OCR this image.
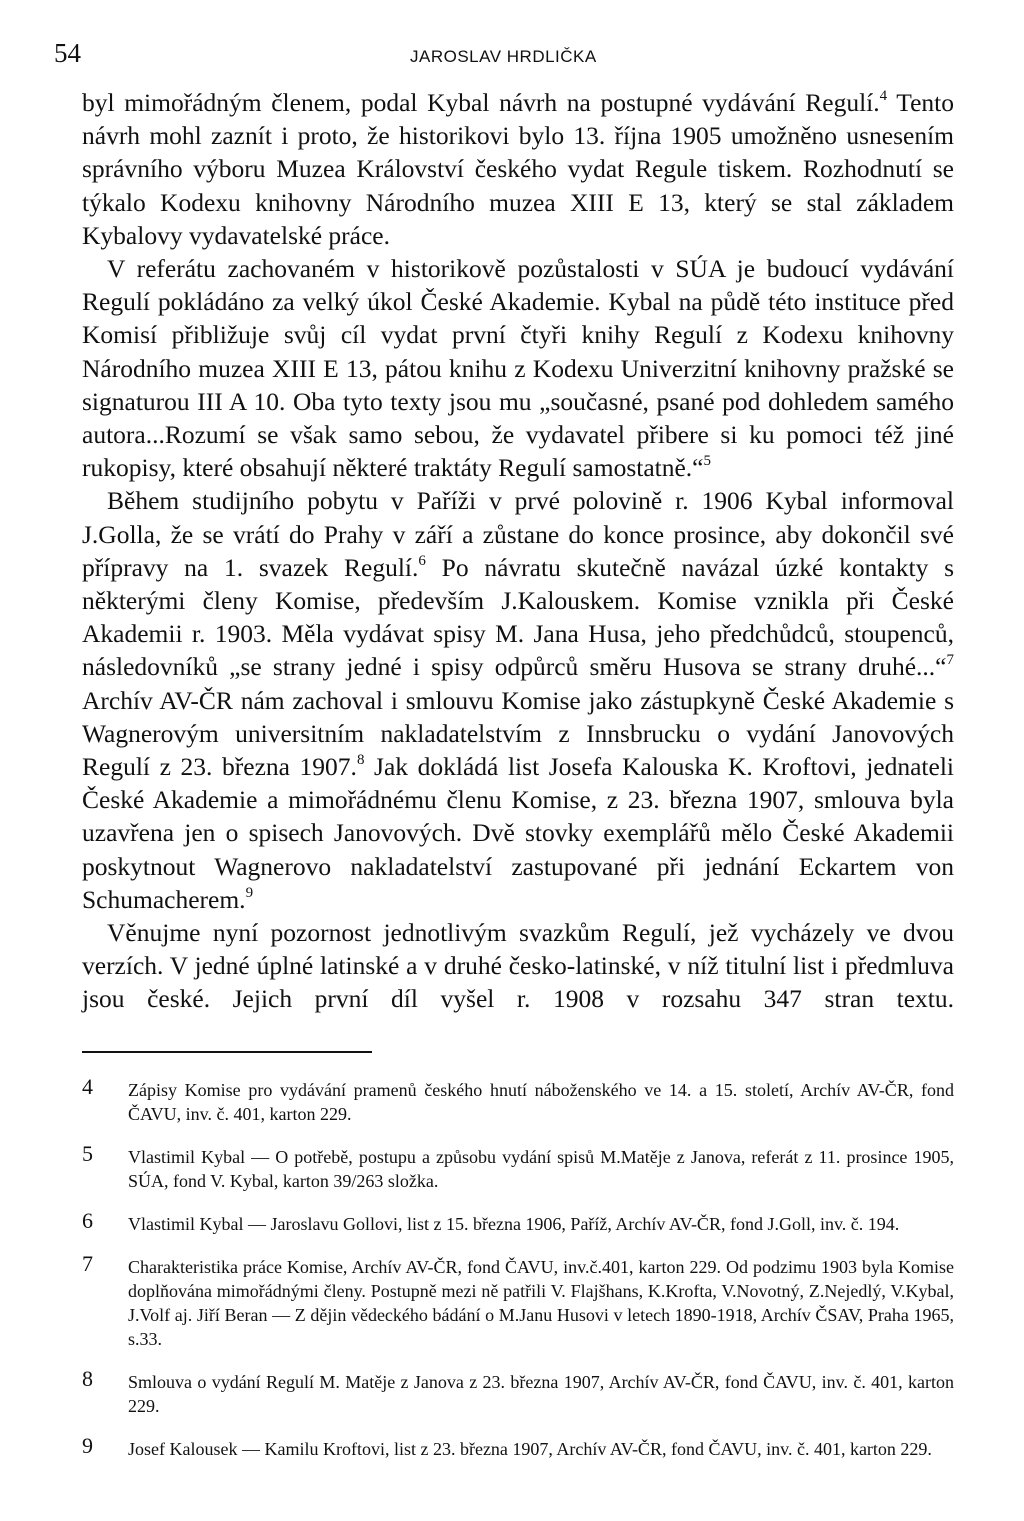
54	JAROSLAV HRDLIČKA

byl mimořádným členem, podal Kybal návrh na postupné vydávání Regulí.$^4$ Tento návrh mohl zaznít i proto, že historikovi bylo 13. října 1905 umožněno usnesením správního výboru Muzea Království českého vydat Regule tiskem. Rozhodnutí se týkalo Kodexu knihovny Národního muzea XIII E 13, který se stal základem Kybalovy vydavatelské práce.

V referátu zachovaném v historikově pozůstalosti v SÚA je budoucí vydávání Regulí pokládáno za velký úkol České Akademie. Kybal na půdě této instituce před Komisí přibližuje svůj cíl vydat první čtyři knihy Regulí z Kodexu knihovny Národního muzea XIII E 13, pátou knihu z Kodexu Univerzitní knihovny pražské se signaturou III A 10. Oba tyto texty jsou mu „současné, psané pod dohledem samého autora...Rozumí se však samo sebou, že vydavatel přibere si ku pomoci též jiné rukopisy, které obsahují některé traktáty Regulí samostatně.“$^5$

Během studijního pobytu v Paříži v prvé polovině r. 1906 Kybal informoval J.Golla, že se vrátí do Prahy v září a zůstane do konce prosince, aby dokončil své přípravy na 1. svazek Regulí.$^6$ Po návratu skutečně navázal úzké kontakty s některými členy Komise, především J.Kalouskem. Komise vznikla při České Akademii r. 1903. Měla vydávat spisy M. Jana Husa, jeho předchůdců, stoupenců, následovníků „se strany jedné i spisy odpůrců směru Husova se strany druhé...“$^7$ Archív AV-ČR nám zachoval i smlouvu Komise jako zástupkyně České Akademie s Wagnerovým universitním nakladatelstvím z Innsbrucku o vydání Janovových Regulí z 23. března 1907.$^8$ Jak dokládá list Josefa Kalouska K. Kroftovi, jednateli České Akademie a mimořádnému členu Komise, z 23. března 1907, smlouva byla uzavřena jen o spisech Janovových. Dvě stovky exemplářů mělo České Akademii poskytnout Wagnerovo nakladatelství zastupované při jednání Eckartem von Schumacherem.$^9$

Věnujme nyní pozornost jednotlivým svazkům Regulí, jež vycházely ve dvou verzích. V jedné úplné latinské a v druhé česko-latinské, v níž titulní list i předmluva jsou české. Jejich první díl vyšel r. 1908 v rozsahu 347 stran textu.

4	Zápisy Komise pro vydávání pramenů českého hnutí náboženského ve 14. a 15. století, Archív AV-ČR, fond ČAVU, inv. č. 401, karton 229.
5	Vlastimil Kybal — O potřebě, postupu a způsobu vydání spisů M.Matěje z Janova, referát z 11. prosince 1905, SÚA, fond V. Kybal, karton 39/263 složka.
6	Vlastimil Kybal — Jaroslavu Gollovi, list z 15. března 1906, Paříž, Archív AV-ČR, fond J.Goll, inv. č. 194.
7	Charakteristika práce Komise, Archív AV-ČR, fond ČAVU, inv.č.401, karton 229. Od podzimu 1903 byla Komise doplňována mimořádnými členy. Postupně mezi ně patřili V. Flajšhans, K.Krofta, V.Novotný, Z.Nejedlý, V.Kybal, J.Volf aj. Jiří Beran — Z dějin vědeckého bádání o M.Janu Husovi v letech 1890-1918, Archív ČSAV, Praha 1965, s.33.
8	Smlouva o vydání Regulí M. Matěje z Janova z 23. března 1907, Archív AV-ČR, fond ČAVU, inv. č. 401, karton 229.
9	Josef Kalousek — Kamilu Kroftovi, list z 23. března 1907, Archív AV-ČR, fond ČAVU, inv. č. 401, karton 229.
